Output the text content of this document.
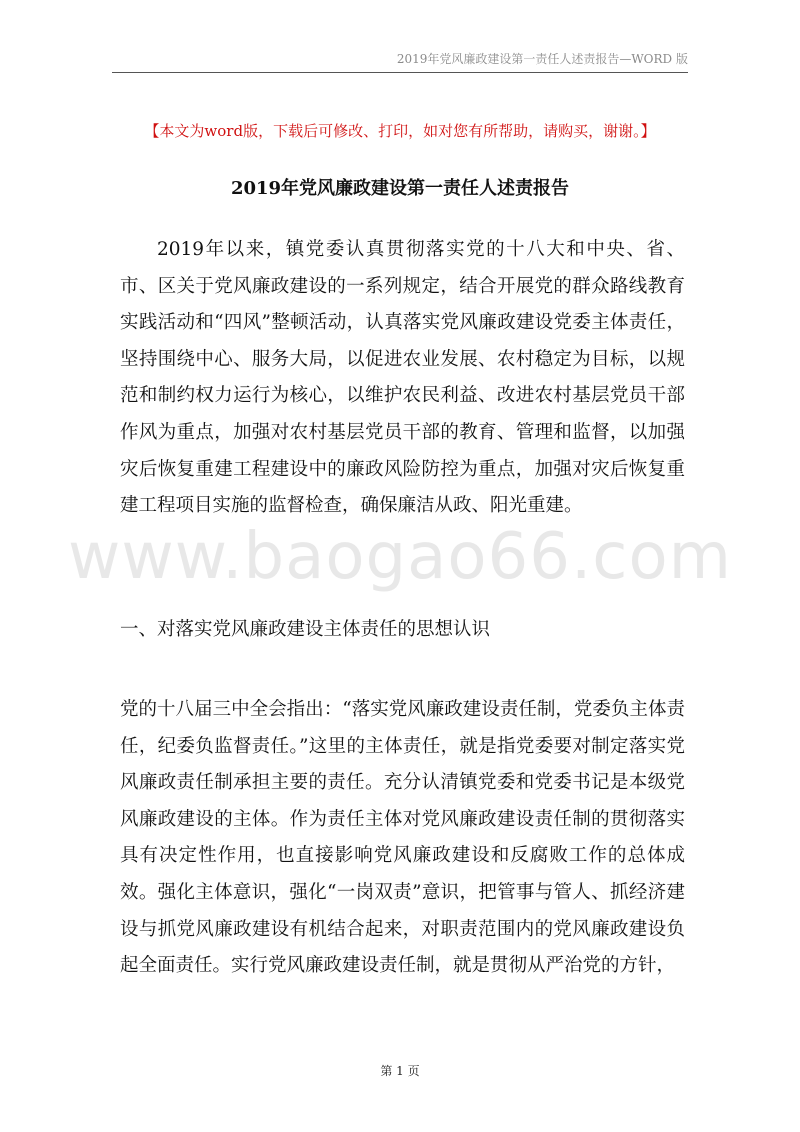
2019年党风廉政建设第一责任人述责报告—WORD 版
【本文为word版，下载后可修改、打印，如对您有所帮助，请购买，谢谢。】
2019年党风廉政建设第一责任人述责报告
www.baogao66.com

2019年以来，镇党委认真贯彻落实党的十八大和中央、省、市、区关于党风廉政建设的一系列规定，结合开展党的群众路线教育实践活动和“四风”整顿活动，认真落实党风廉政建设党委主体责任，坚持围绕中心、服务大局，以促进农业发展、农村稳定为目标，以规范和制约权力运行为核心，以维护农民利益、改进农村基层党员干部作风为重点，加强对农村基层党员干部的教育、管理和监督，以加强灾后恢复重建工程建设中的廉政风险防控为重点，加强对灾后恢复重建工程项目实施的监督检查，确保廉洁从政、阳光重建。

一、对落实党风廉政建设主体责任的思想认识

党的十八届三中全会指出：“落实党风廉政建设责任制，党委负主体责任，纪委负监督责任。”这里的主体责任，就是指党委要对制定落实党风廉政责任制承担主要的责任。充分认清镇党委和党委书记是本级党风廉政建设的主体。作为责任主体对党风廉政建设责任制的贯彻落实具有决定性作用，也直接影响党风廉政建设和反腐败工作的总体成效。强化主体意识，强化“一岗双责”意识，把管事与管人、抓经济建设与抓党风廉政建设有机结合起来，对职责范围内的党风廉政建设负起全面责任。实行党风廉政建设责任制，就是贯彻从严治党的方针，

第 1 页
